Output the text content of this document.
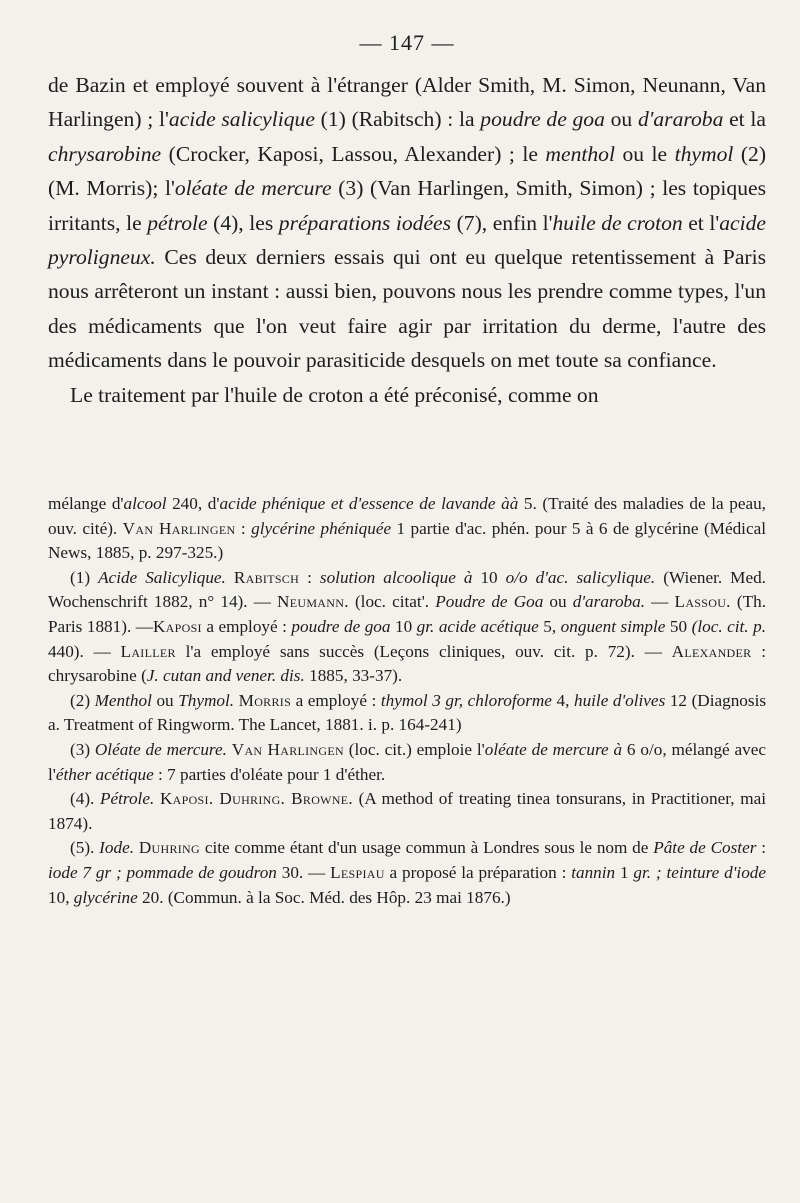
— 147 —

de Bazin et employé souvent à l'étranger (Alder Smith, M. Simon, Neunann, Van Harlingen) ; l'acide salicylique (1) (Rabitsch) : la poudre de goa ou d'araroba et la chrysarobine (Crocker, Kaposi, Lassou, Alexander) ; le menthol ou le thymol (2) (M. Morris); l'oléate de mercure (3) (Van Harlingen, Smith, Simon) ; les topiques irritants, le pétrole (4), les préparations iodées (7), enfin l'huile de croton et l'acide pyroligneux. Ces deux derniers essais qui ont eu quelque retentissement à Paris nous arrêteront un instant : aussi bien, pouvons nous les prendre comme types, l'un des médicaments que l'on veut faire agir par irritation du derme, l'autre des médicaments dans le pouvoir parasiticide desquels on met toute sa confiance.

Le traitement par l'huile de croton a été préconisé, comme on

mélange d'alcool 240, d'acide phénique et d'essence de lavande àà 5. (Traité des maladies de la peau, ouv. cité). Van Harlingen : glycérine phéniquée 1 partie d'ac. phén. pour 5 à 6 de glycérine (Médical News, 1885, p. 297-325.)

(1) Acide Salicylique. Rabitsch : solution alcoolique à 10 o/o d'ac. salicylique. (Wiener. Med. Wochenschrift 1882, n° 14). — Neumann. (loc. citat'. Poudre de Goa ou d'araroba. — Lassou. (Th. Paris 1881). —Kaposi a employé : poudre de goa 10 gr. acide acétique 5, onguent simple 50 (loc. cit. p. 440). — Lailler l'a employé sans succès (Leçons cliniques, ouv. cit. p. 72). — Alexander : chrysarobine (J. cutan and vener. dis. 1885, 33-37).

(2) Menthol ou Thymol. Morris a employé : thymol 3 gr, chloroforme 4, huile d'olives 12 (Diagnosis a. Treatment of Ringworm. The Lancet, 1881. i. p. 164-241)

(3) Oléate de mercure. Van Harlingen (loc. cit.) emploie l'oléate de mercure à 6 o/o, mélangé avec l'éther acétique : 7 parties d'oléate pour 1 d'éther.

(4). Pétrole. Kaposi. Duhring. Browne. (A method of treating tinea tonsurans, in Practitioner, mai 1874).

(5). Iode. Duhring cite comme étant d'un usage commun à Londres sous le nom de Pâte de Coster : iode 7 gr ; pommade de goudron 30. — Lespiau a proposé la préparation : tannin 1 gr. ; teinture d'iode 10, glycérine 20. (Commun. à la Soc. Méd. des Hôp. 23 mai 1876.)
